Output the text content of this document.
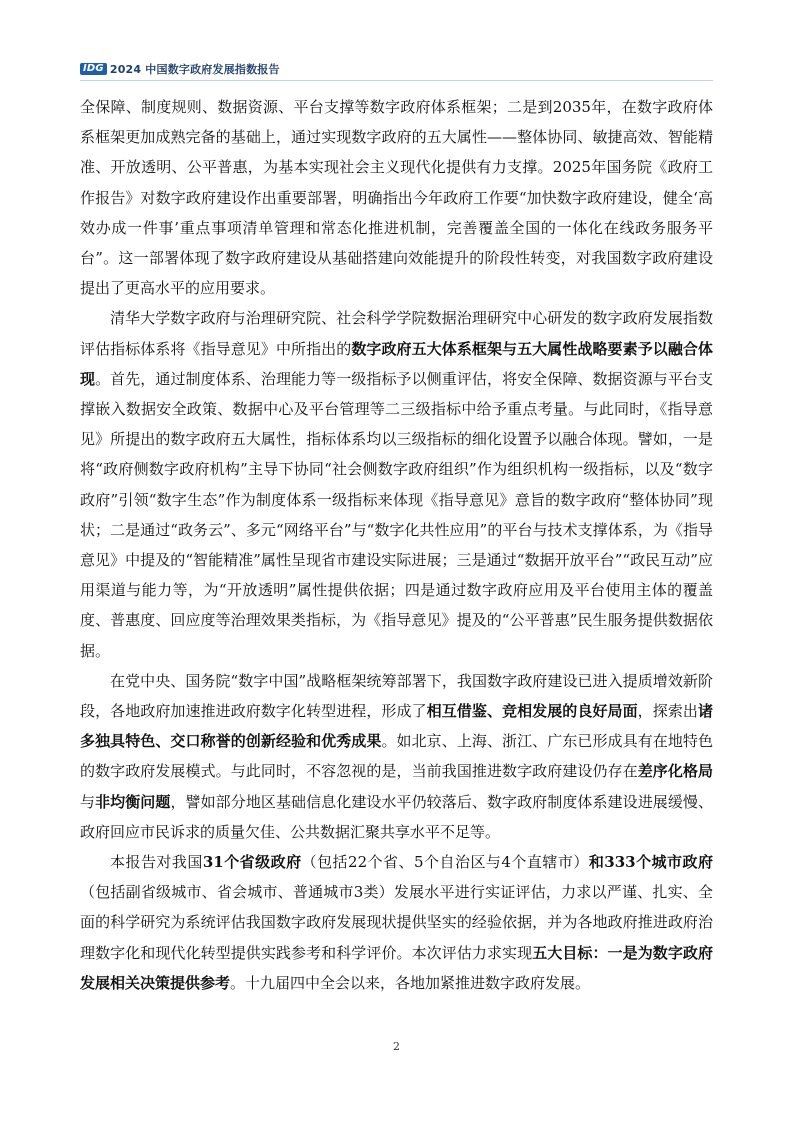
IDG 2024 中国数字政府发展指数报告

全保障、制度规则、数据资源、平台支撑等数字政府体系框架；二是到2035年，在数字政府体系框架更加成熟完备的基础上，通过实现数字政府的五大属性——整体协同、敏捷高效、智能精准、开放透明、公平普惠，为基本实现社会主义现代化提供有力支撑。2025年国务院《政府工作报告》对数字政府建设作出重要部署，明确指出今年政府工作要“加快数字政府建设，健全‘高效办成一件事’重点事项清单管理和常态化推进机制，完善覆盖全国的一体化在线政务服务平台”。这一部署体现了数字政府建设从基础搭建向效能提升的阶段性转变，对我国数字政府建设提出了更高水平的应用要求。

清华大学数字政府与治理研究院、社会科学学院数据治理研究中心研发的数字政府发展指数评估指标体系将《指导意见》中所指出的数字政府五大体系框架与五大属性战略要素予以融合体现。首先，通过制度体系、治理能力等一级指标予以侧重评估，将安全保障、数据资源与平台支撑嵌入数据安全政策、数据中心及平台管理等二三级指标中给予重点考量。与此同时，《指导意见》所提出的数字政府五大属性，指标体系均以三级指标的细化设置予以融合体现。譬如，一是将“政府侧数字政府机构”主导下协同“社会侧数字政府组织”作为组织机构一级指标，以及“数字政府”引领“数字生态”作为制度体系一级指标来体现《指导意见》意旨的数字政府“整体协同”现状；二是通过“政务云”、多元“网络平台”与“数字化共性应用”的平台与技术支撑体系，为《指导意见》中提及的“智能精准”属性呈现省市建设实际进展；三是通过“数据开放平台”“政民互动”应用渠道与能力等，为“开放透明”属性提供依据；四是通过数字政府应用及平台使用主体的覆盖度、普惠度、回应度等治理效果类指标，为《指导意见》提及的“公平普惠”民生服务提供数据依据。

在党中央、国务院“数字中国”战略框架统筹部署下，我国数字政府建设已进入提质增效新阶段，各地政府加速推进政府数字化转型进程，形成了相互借鉴、竞相发展的良好局面，探索出诸多独具特色、交口称誉的创新经验和优秀成果。如北京、上海、浙江、广东已形成具有在地特色的数字政府发展模式。与此同时，不容忽视的是，当前我国推进数字政府建设仍存在差序化格局与非均衡问题，譬如部分地区基础信息化建设水平仍较落后、数字政府制度体系建设进展缓慢、政府回应市民诉求的质量欠佳、公共数据汇聚共享水平不足等。

本报告对我国31个省级政府（包括22个省、5个自治区与4个直辖市）和333个城市政府（包括副省级城市、省会城市、普通城市3类）发展水平进行实证评估，力求以严谨、扎实、全面的科学研究为系统评估我国数字政府发展现状提供坚实的经验依据，并为各地政府推进政府治理数字化和现代化转型提供实践参考和科学评价。本次评估力求实现五大目标：一是为数字政府发展相关决策提供参考。十九届四中全会以来，各地加紧推进数字政府发展。

2
